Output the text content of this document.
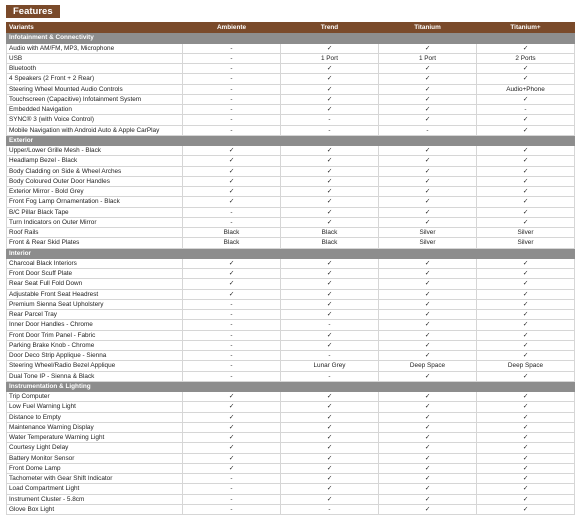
Features
Variants	Ambiente	Trend	Titanium	Titanium+
Infotainment & Connectivity				
Audio with AM/FM, MP3, Microphone	-	✓	✓	✓
USB	-	1 Port	1 Port	2 Ports
Bluetooth	-	✓	✓	✓
4 Speakers (2 Front + 2 Rear)	-	✓	✓	✓
Steering Wheel Mounted Audio Controls	-	✓	✓	Audio+Phone
Touchscreen (Capacitive) Infotainment System	-	✓	✓	✓
Embedded Navigation	-	✓	✓	-
SYNC® 3 (with Voice Control)	-	-	✓	✓
Mobile Navigation with Android Auto & Apple CarPlay	-	-	-	✓
Exterior				
Upper/Lower Grille Mesh - Black	✓	✓	✓	✓
Headlamp Bezel - Black	✓	✓	✓	✓
Body Cladding on Side & Wheel Arches	✓	✓	✓	✓
Body Coloured Outer Door Handles	✓	✓	✓	✓
Exterior Mirror - Bold Grey	✓	✓	✓	✓
Front Fog Lamp Ornamentation - Black	✓	✓	✓	✓
B/C Pillar Black Tape	-	✓	✓	✓
Turn Indicators on Outer Mirror	-	✓	✓	✓
Roof Rails	Black	Black	Silver	Silver
Front & Rear Skid Plates	Black	Black	Silver	Silver
Interior				
Charcoal Black Interiors	✓	✓	✓	✓
Front Door Scuff Plate	✓	✓	✓	✓
Rear Seat Full Fold Down	✓	✓	✓	✓
Adjustable Front Seat Headrest	✓	✓	✓	✓
Premium Sienna Seat Upholstery	-	✓	✓	✓
Rear Parcel Tray	-	✓	✓	✓
Inner Door Handles - Chrome	-	-	✓	✓
Front Door Trim Panel - Fabric	-	✓	✓	✓
Parking Brake Knob - Chrome	-	✓	✓	✓
Door Deco Strip Applique - Sienna	-	-	✓	✓
Steering Wheel/Radio Bezel Applique	-	Lunar Grey	Deep Space	Deep Space
Dual Tone IP - Sienna & Black	-	-	✓	✓
Instrumentation & Lighting				
Trip Computer	✓	✓	✓	✓
Low Fuel Warning Light	✓	✓	✓	✓
Distance to Empty	✓	✓	✓	✓
Maintenance Warning Display	✓	✓	✓	✓
Water Temperature Warning Light	✓	✓	✓	✓
Courtesy Light Delay	✓	✓	✓	✓
Battery Monitor Sensor	✓	✓	✓	✓
Front Dome Lamp	✓	✓	✓	✓
Tachometer with Gear Shift Indicator	-	✓	✓	✓
Load Compartment Light	-	✓	✓	✓
Instrument Cluster - 5.8cm	-	✓	✓	✓
Glove Box Light	-	-	✓	✓
